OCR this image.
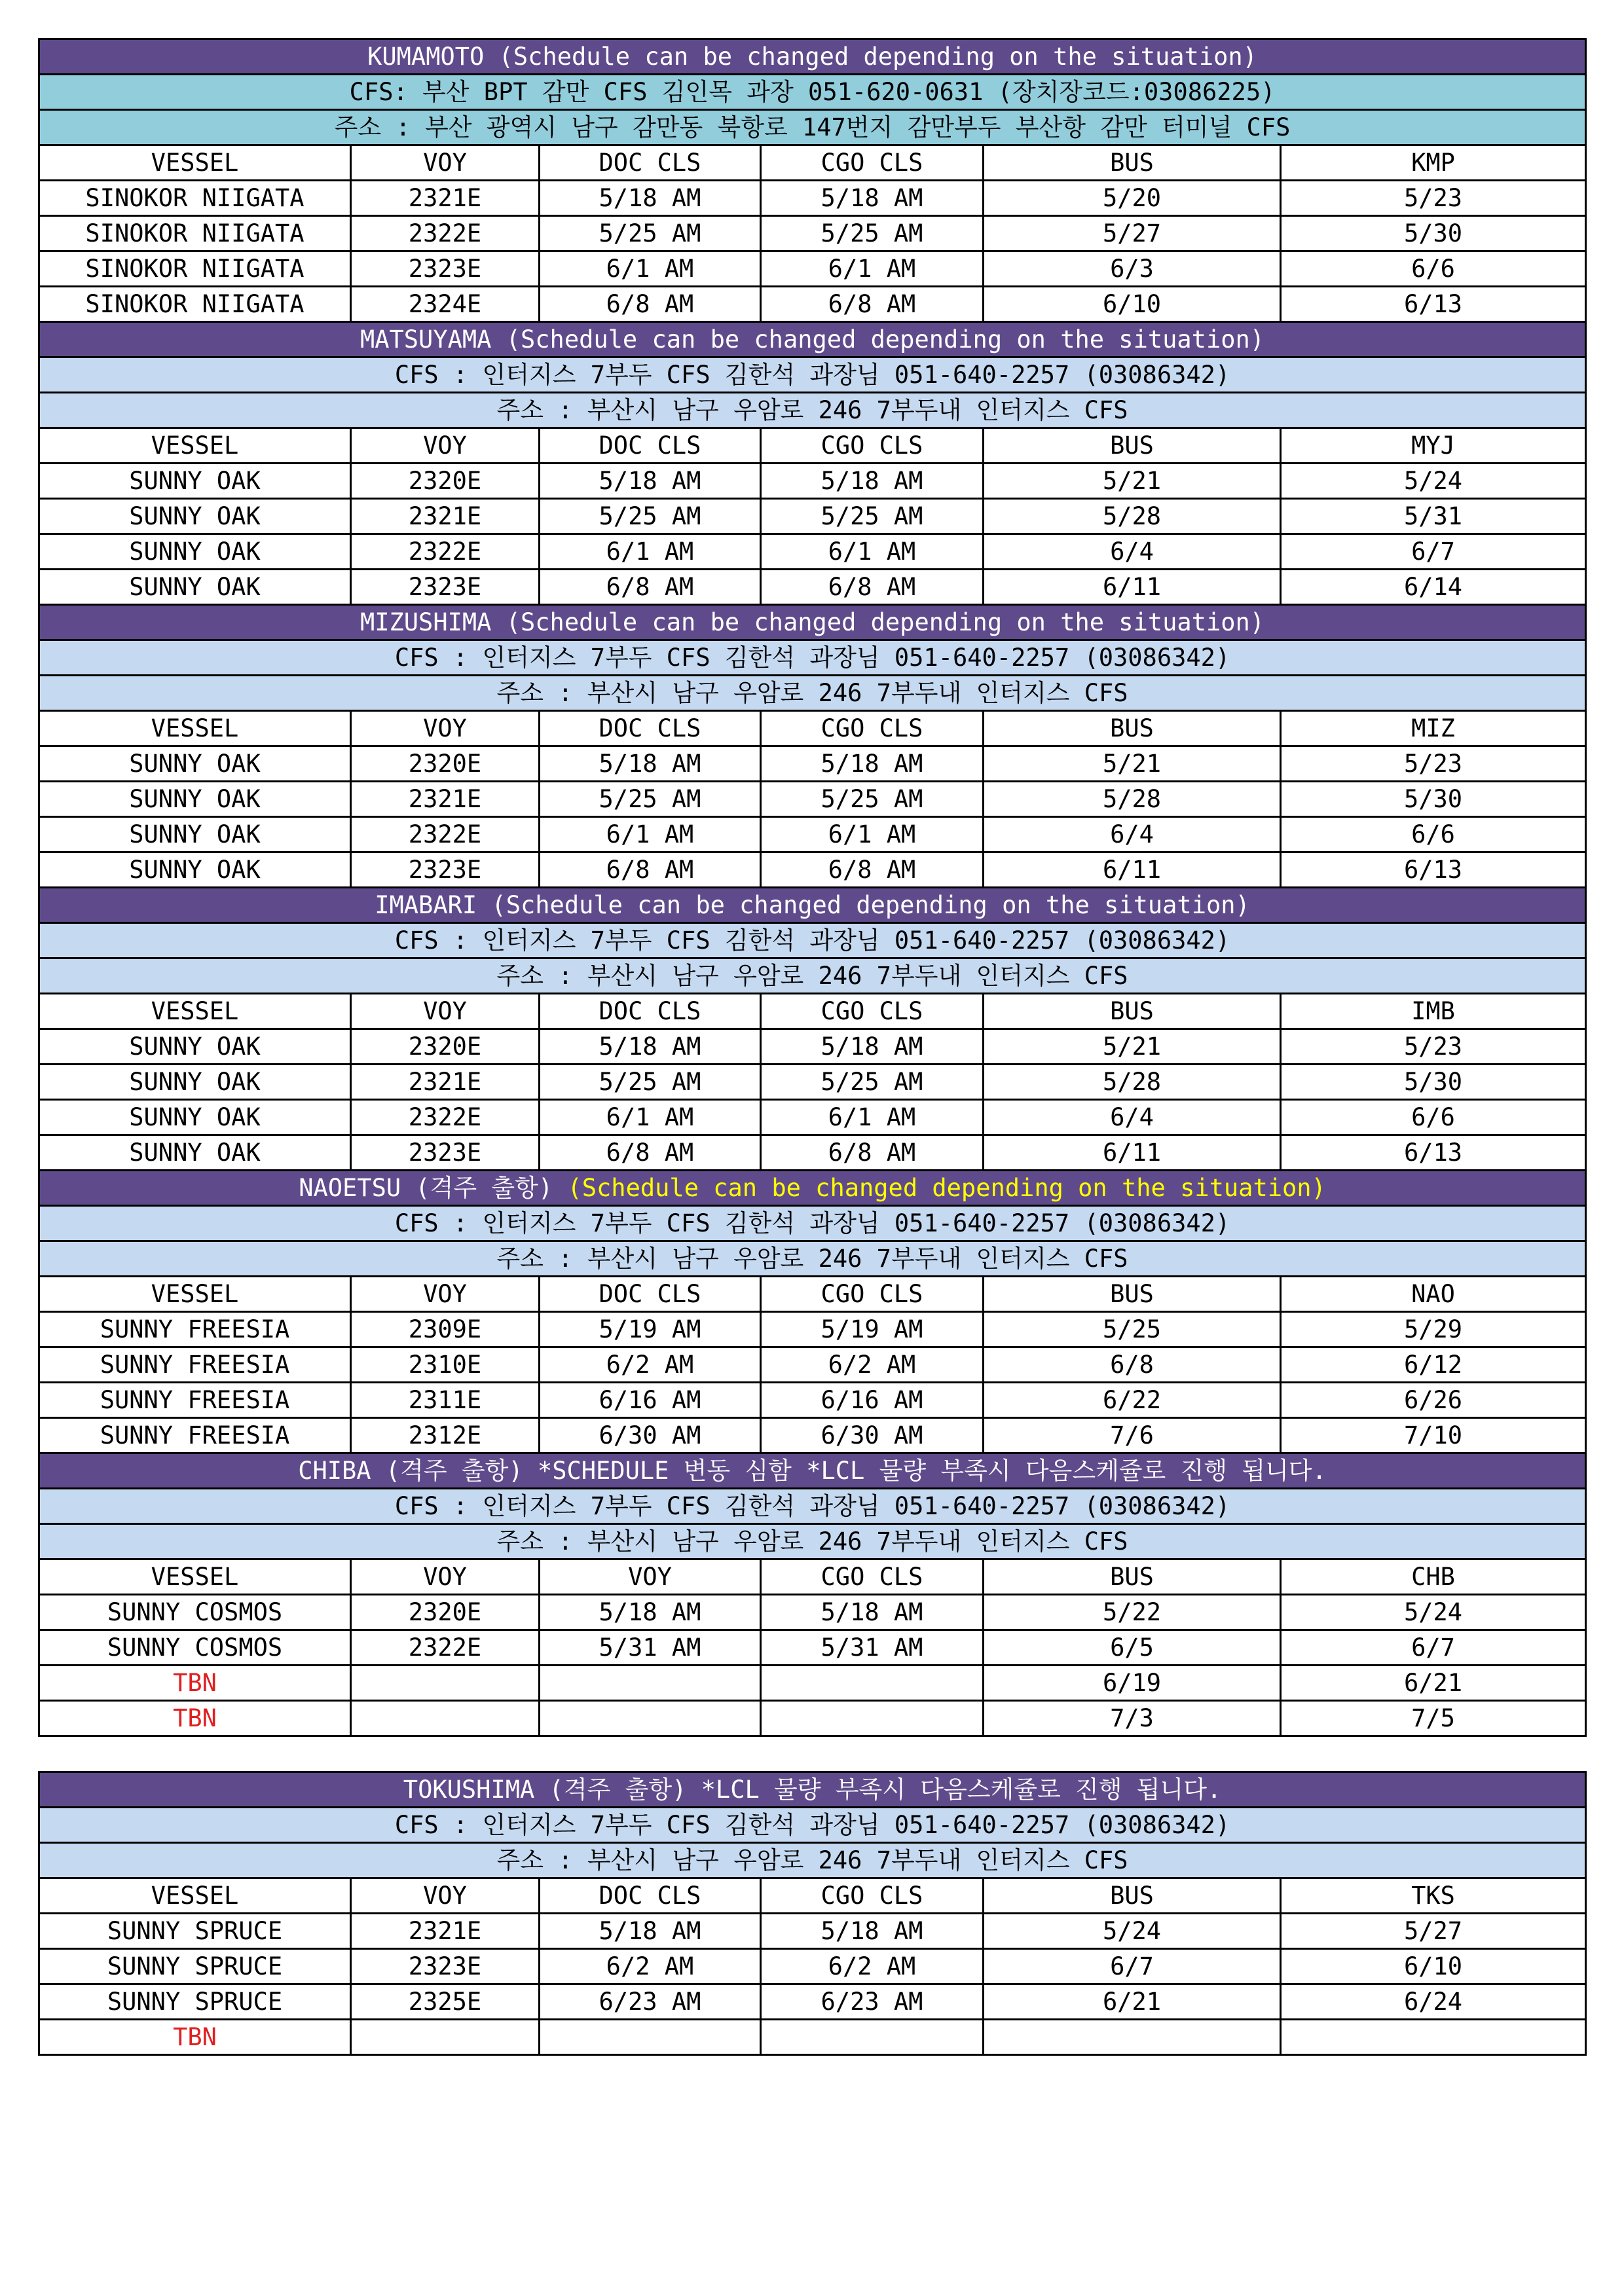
KUMAMOTO (Schedule can be changed depending on the situation)					
CFS: 부산 BPT 감만 CFS 김인목 과장 051-620-0631 (장치장코드:03086225)					
주소 : 부산 광역시 남구 감만동 북항로 147번지 감만부두 부산항 감만 터미널 CFS					
VESSEL	VOY	DOC CLS	CGO CLS	BUS	KMP
SINOKOR NIIGATA	2321E	5/18 AM	5/18 AM	5/20	5/23
SINOKOR NIIGATA	2322E	5/25 AM	5/25 AM	5/27	5/30
SINOKOR NIIGATA	2323E	6/1 AM	6/1 AM	6/3	6/6
SINOKOR NIIGATA	2324E	6/8 AM	6/8 AM	6/10	6/13
MATSUYAMA (Schedule can be changed depending on the situation)					
CFS : 인터지스 7부두 CFS 김한석 과장님 051-640-2257 (03086342)					
주소 : 부산시 남구 우암로 246 7부두내 인터지스 CFS					
VESSEL	VOY	DOC CLS	CGO CLS	BUS	MYJ
SUNNY OAK	2320E	5/18 AM	5/18 AM	5/21	5/24
SUNNY OAK	2321E	5/25 AM	5/25 AM	5/28	5/31
SUNNY OAK	2322E	6/1 AM	6/1 AM	6/4	6/7
SUNNY OAK	2323E	6/8 AM	6/8 AM	6/11	6/14
MIZUSHIMA (Schedule can be changed depending on the situation)					
CFS : 인터지스 7부두 CFS 김한석 과장님 051-640-2257 (03086342)					
주소 : 부산시 남구 우암로 246 7부두내 인터지스 CFS					
VESSEL	VOY	DOC CLS	CGO CLS	BUS	MIZ
SUNNY OAK	2320E	5/18 AM	5/18 AM	5/21	5/23
SUNNY OAK	2321E	5/25 AM	5/25 AM	5/28	5/30
SUNNY OAK	2322E	6/1 AM	6/1 AM	6/4	6/6
SUNNY OAK	2323E	6/8 AM	6/8 AM	6/11	6/13
IMABARI (Schedule can be changed depending on the situation)					
CFS : 인터지스 7부두 CFS 김한석 과장님 051-640-2257 (03086342)					
주소 : 부산시 남구 우암로 246 7부두내 인터지스 CFS					
VESSEL	VOY	DOC CLS	CGO CLS	BUS	IMB
SUNNY OAK	2320E	5/18 AM	5/18 AM	5/21	5/23
SUNNY OAK	2321E	5/25 AM	5/25 AM	5/28	5/30
SUNNY OAK	2322E	6/1 AM	6/1 AM	6/4	6/6
SUNNY OAK	2323E	6/8 AM	6/8 AM	6/11	6/13
NAOETSU (격주 출항) (Schedule can be changed depending on the situation)					
CFS : 인터지스 7부두 CFS 김한석 과장님 051-640-2257 (03086342)					
주소 : 부산시 남구 우암로 246 7부두내 인터지스 CFS					
VESSEL	VOY	DOC CLS	CGO CLS	BUS	NAO
SUNNY FREESIA	2309E	5/19 AM	5/19 AM	5/25	5/29
SUNNY FREESIA	2310E	6/2 AM	6/2 AM	6/8	6/12
SUNNY FREESIA	2311E	6/16 AM	6/16 AM	6/22	6/26
SUNNY FREESIA	2312E	6/30 AM	6/30 AM	7/6	7/10
CHIBA (격주 출항) *SCHEDULE 변동 심함 *LCL 물량 부족시 다음스케쥴로 진행 됩니다.					
CFS : 인터지스 7부두 CFS 김한석 과장님 051-640-2257 (03086342)					
주소 : 부산시 남구 우암로 246 7부두내 인터지스 CFS					
VESSEL	VOY	VOY	CGO CLS	BUS	CHB
SUNNY COSMOS	2320E	5/18 AM	5/18 AM	5/22	5/24
SUNNY COSMOS	2322E	5/31 AM	5/31 AM	6/5	6/7
TBN				6/19	6/21
TBN				7/3	7/5
TOKUSHIMA (격주 출항) *LCL 물량 부족시 다음스케쥴로 진행 됩니다.					
CFS : 인터지스 7부두 CFS 김한석 과장님 051-640-2257 (03086342)					
주소 : 부산시 남구 우암로 246 7부두내 인터지스 CFS					
VESSEL	VOY	DOC CLS	CGO CLS	BUS	TKS
SUNNY SPRUCE	2321E	5/18 AM	5/18 AM	5/24	5/27
SUNNY SPRUCE	2323E	6/2 AM	6/2 AM	6/7	6/10
SUNNY SPRUCE	2325E	6/23 AM	6/23 AM	6/21	6/24
TBN					
